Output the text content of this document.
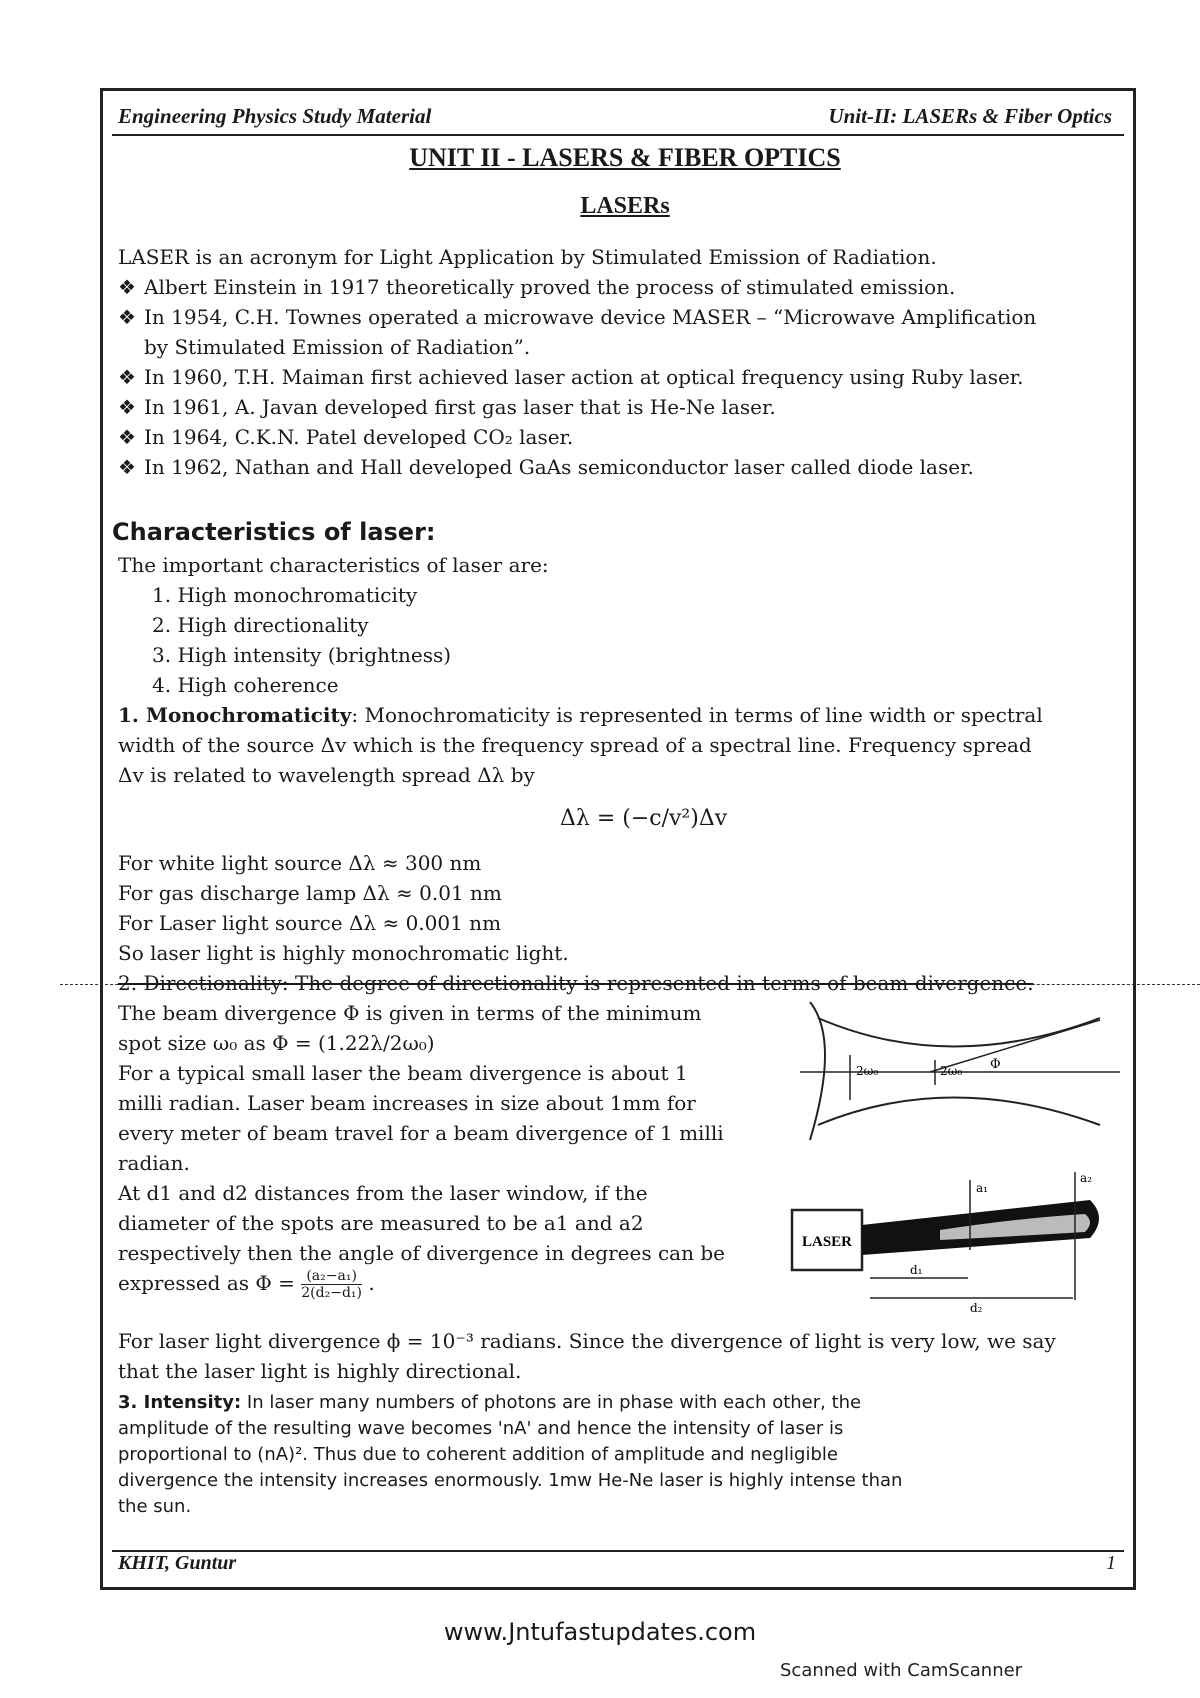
Engineering Physics Study Material	Unit-II: LASERs & Fiber Optics
UNIT II - LASERS & FIBER OPTICS
LASERs

LASER is an acronym for Light Application by Stimulated Emission of Radiation.

❖ Albert Einstein in 1917 theoretically proved the process of stimulated emission.

❖ In 1954, C.H. Townes operated a microwave device MASER – “Microwave Amplification

by Stimulated Emission of Radiation”.

❖ In 1960, T.H. Maiman first achieved laser action at optical frequency using Ruby laser.

❖ In 1961, A. Javan developed first gas laser that is He-Ne laser.

❖ In 1964, C.K.N. Patel developed CO₂ laser.

❖ In 1962, Nathan and Hall developed GaAs semiconductor laser called diode laser.

Characteristics of laser:

The important characteristics of laser are:

1. High monochromaticity

2. High directionality

3. High intensity (brightness)

4. High coherence

1. Monochromaticity: Monochromaticity is represented in terms of line width or spectral

width of the source Δv which is the frequency spread of a spectral line. Frequency spread

Δv is related to wavelength spread Δλ by

Δλ = (−c/v²)Δv

For white light source Δλ ≈ 300 nm

For gas discharge lamp Δλ ≈ 0.01 nm

For Laser light source Δλ ≈ 0.001 nm

So laser light is highly monochromatic light.

2. Directionality: The degree of directionality is represented in terms of beam divergence.

The beam divergence Φ is given in terms of the minimum

spot size ω₀ as Φ = (1.22λ/2ω₀)

For a typical small laser the beam divergence is about 1

milli radian. Laser beam increases in size about 1mm for

every meter of beam travel for a beam divergence of 1 milli

radian.

At d1 and d2 distances from the laser window, if the

diameter of the spots are measured to be a1 and a2

respectively then the angle of divergence in degrees can be

expressed as $\Phi = \frac{\text{(a₂−a₁)}}{\text{2(d₂−d₁)}}$ .

2ω₀	2ω₀ Φ
LASER
a₁
a₂
d₁
d₂

For laser light divergence ϕ = 10⁻³ radians. Since the divergence of light is very low, we say

that the laser light is highly directional.

3. Intensity: In laser many numbers of photons are in phase with each other, the

amplitude of the resulting wave becomes 'nA' and hence the intensity of laser is

proportional to (nA)². Thus due to coherent addition of amplitude and negligible

divergence the intensity increases enormously. 1mw He-Ne laser is highly intense than

the sun.

KHIT, Guntur	1
www.Jntufastupdates.com
Scanned with CamScanner
